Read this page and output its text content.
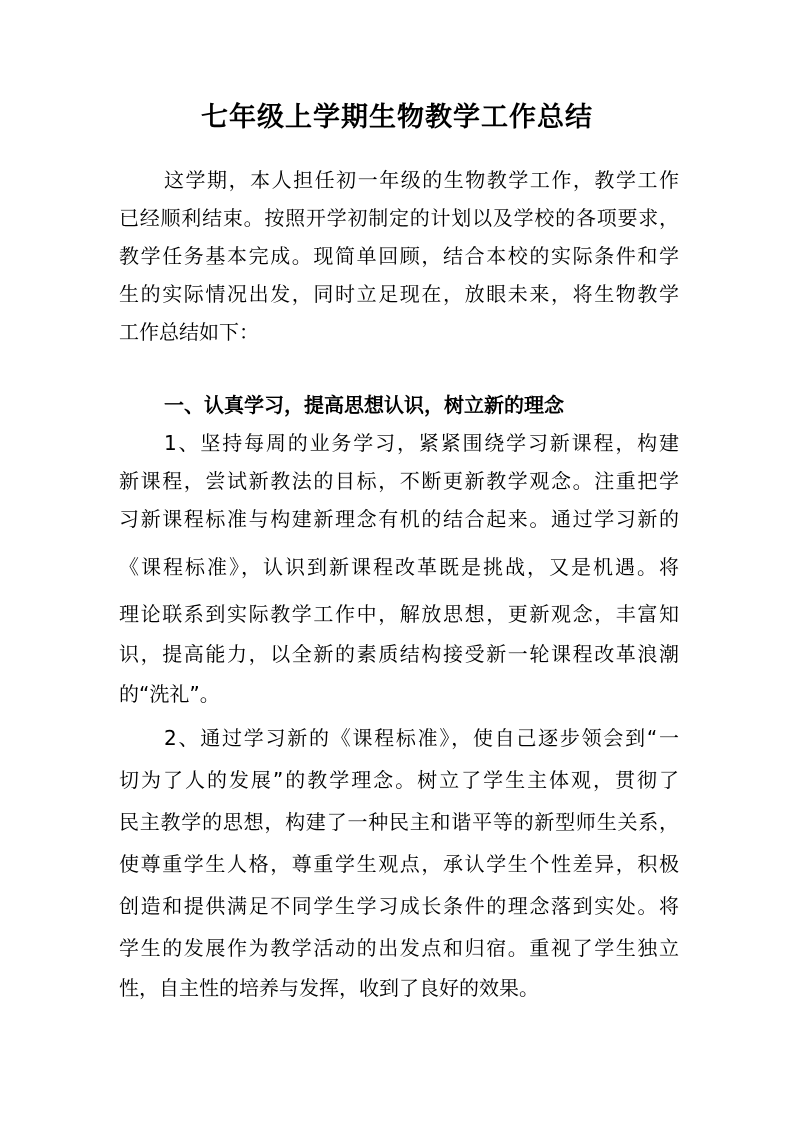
七年级上学期生物教学工作总结
这学期，本人担任初一年级的生物教学工作，教学工作
已经顺利结束。按照开学初制定的计划以及学校的各项要求，
教学任务基本完成。现简单回顾，结合本校的实际条件和学
生的实际情况出发，同时立足现在，放眼未来，将生物教学
工作总结如下：
一、认真学习，提高思想认识，树立新的理念
1、坚持每周的业务学习，紧紧围绕学习新课程，构建
新课程，尝试新教法的目标，不断更新教学观念。注重把学
习新课程标准与构建新理念有机的结合起来。通过学习新的
《课程标准》，认识到新课程改革既是挑战，又是机遇。将
理论联系到实际教学工作中，解放思想，更新观念，丰富知
识，提高能力，以全新的素质结构接受新一轮课程改革浪潮
的“洗礼”。
2、通过学习新的《课程标准》，使自己逐步领会到“一
切为了人的发展”的教学理念。树立了学生主体观，贯彻了
民主教学的思想，构建了一种民主和谐平等的新型师生关系，
使尊重学生人格，尊重学生观点，承认学生个性差异，积极
创造和提供满足不同学生学习成长条件的理念落到实处。将
学生的发展作为教学活动的出发点和归宿。重视了学生独立
性，自主性的培养与发挥，收到了良好的效果。
